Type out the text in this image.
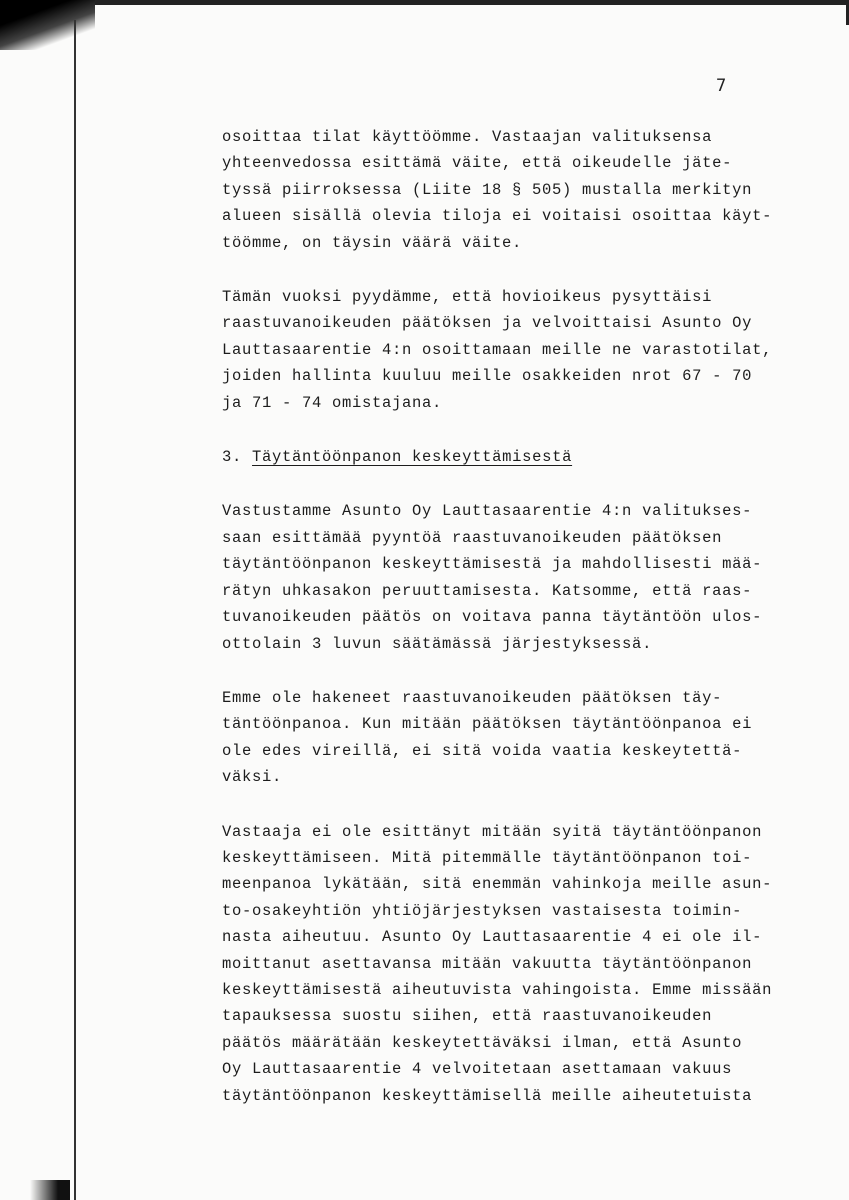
7
osoittaa tilat käyttöömme. Vastaajan valituksensa
yhteenvedossa esittämä väite, että oikeudelle jäte-
tyssä piirroksessa (Liite 18 § 505) mustalla merkityn
alueen sisällä olevia tiloja ei voitaisi osoittaa käyt-
töömme, on täysin väärä väite.
Tämän vuoksi pyydämme, että hovioikeus pysyttäisi
raastuvanoikeuden päätöksen ja velvoittaisi Asunto Oy
Lauttasaarentie 4:n osoittamaan meille ne varastotilat,
joiden hallinta kuuluu meille osakkeiden nrot 67 - 70
ja 71 - 74 omistajana.
3. Täytäntöönpanon keskeyttämisestä
Vastustamme Asunto Oy Lauttasaarentie 4:n valitukses-
saan esittämää pyyntöä raastuvanoikeuden päätöksen
täytäntöönpanon keskeyttämisestä ja mahdollisesti mää-
rätyn uhkasakon peruuttamisesta. Katsomme, että raas-
tuvanoikeuden päätös on voitava panna täytäntöön ulos-
ottolain 3 luvun säätämässä järjestyksessä.
Emme ole hakeneet raastuvanoikeuden päätöksen täy-
täntöönpanoa. Kun mitään päätöksen täytäntöönpanoa ei
ole edes vireillä, ei sitä voida vaatia keskeytettä-
väksi.
Vastaaja ei ole esittänyt mitään syitä täytäntöönpanon
keskeyttämiseen. Mitä pitemmälle täytäntöönpanon toi-
meenpanoa lykätään, sitä enemmän vahinkoja meille asun-
to-osakeyhtiön yhtiöjärjestyksen vastaisesta toimin-
nasta aiheutuu. Asunto Oy Lauttasaarentie 4 ei ole il-
moittanut asettavansa mitään vakuutta täytäntöönpanon
keskeyttämisestä aiheutuvista vahingoista. Emme missään
tapauksessa suostu siihen, että raastuvanoikeuden
päätös määrätään keskeytettäväksi ilman, että Asunto
Oy Lauttasaarentie 4 velvoitetaan asettamaan vakuus
täytäntöönpanon keskeyttämisellä meille aiheutetuista
